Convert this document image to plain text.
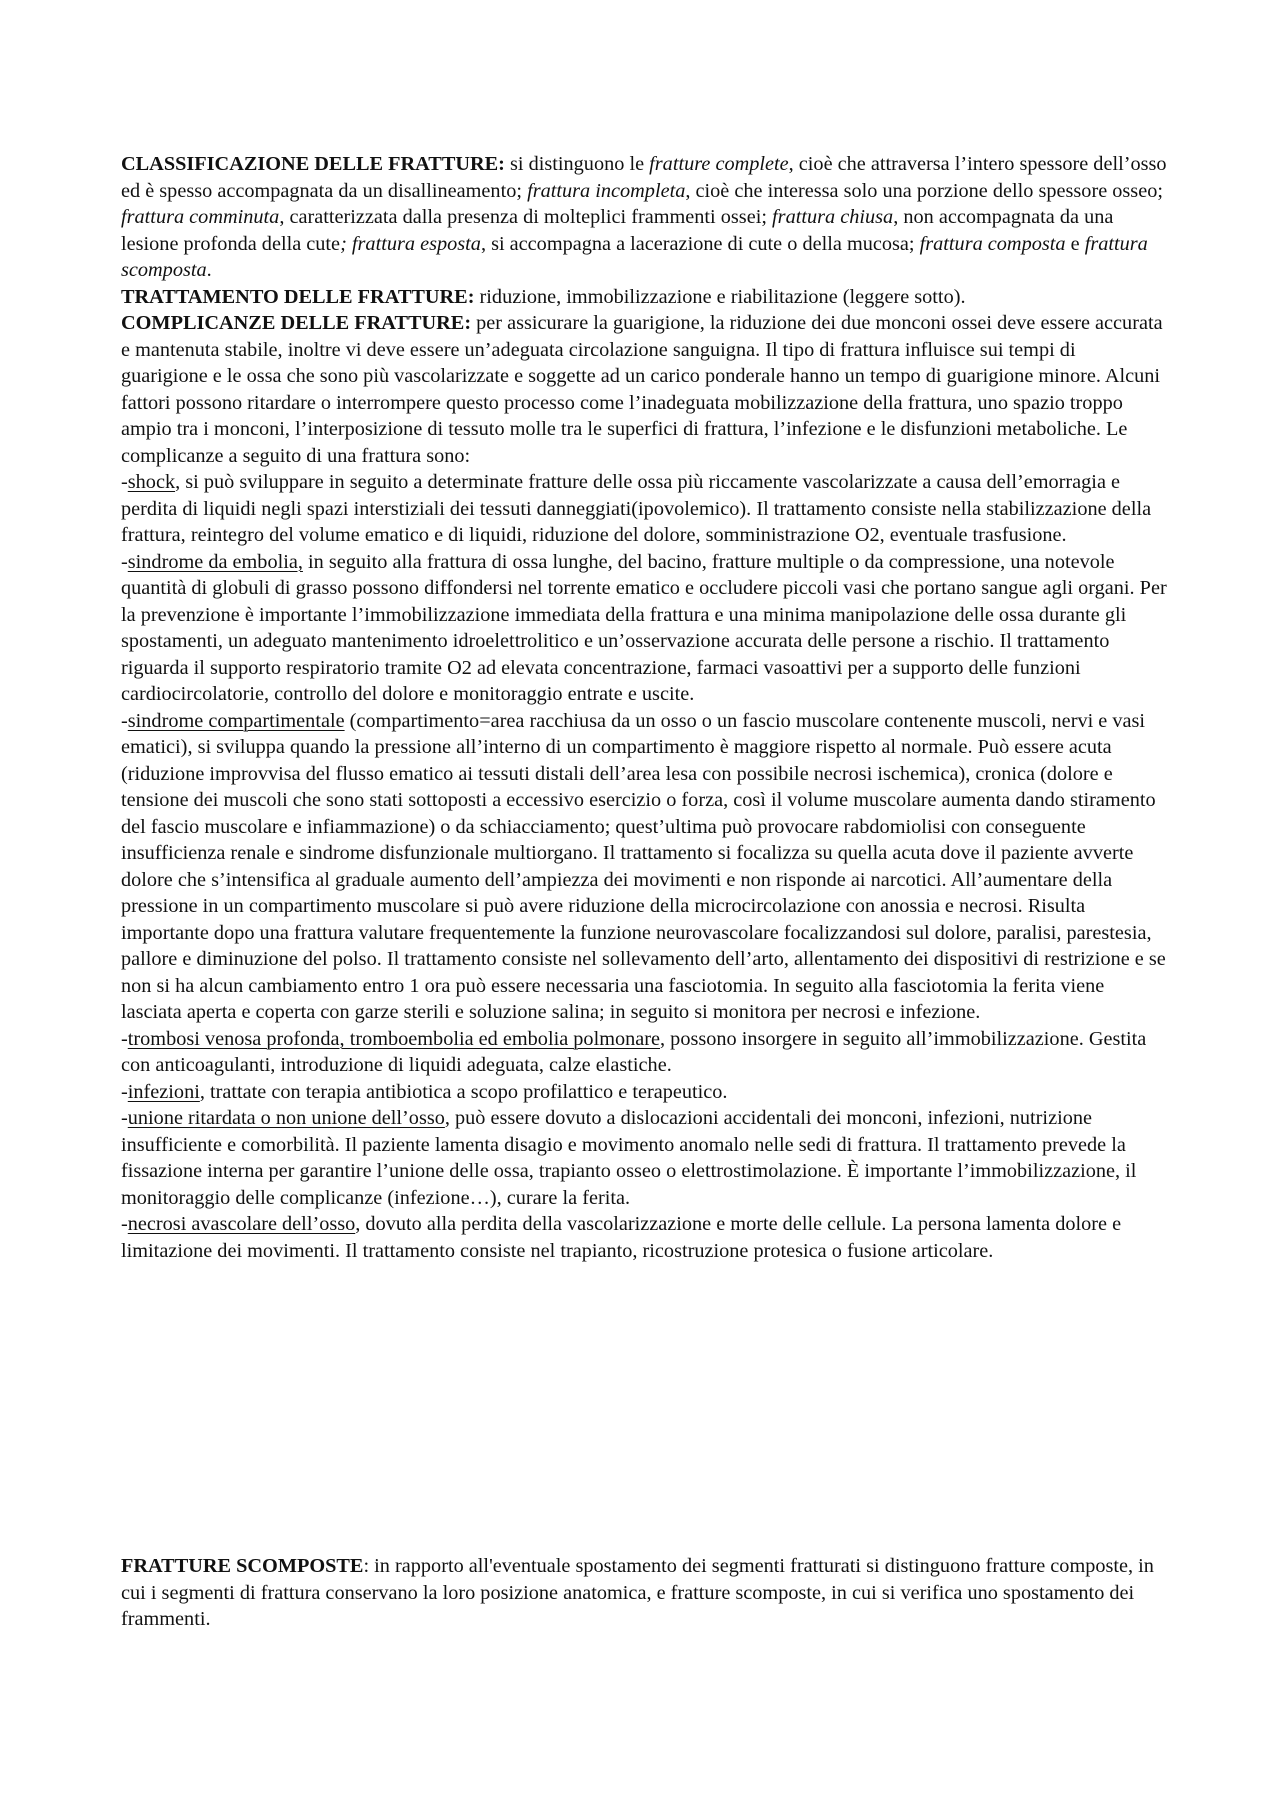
CLASSIFICAZIONE DELLE FRATTURE: si distinguono le fratture complete, cioè che attraversa l’intero spessore dell’osso ed è spesso accompagnata da un disallineamento; frattura incompleta, cioè che interessa solo una porzione dello spessore osseo; frattura comminuta, caratterizzata dalla presenza di molteplici frammenti ossei; frattura chiusa, non accompagnata da una lesione profonda della cute; frattura esposta, si accompagna a lacerazione di cute o della mucosa; frattura composta e frattura scomposta.

TRATTAMENTO DELLE FRATTURE: riduzione, immobilizzazione e riabilitazione (leggere sotto).

COMPLICANZE DELLE FRATTURE: per assicurare la guarigione, la riduzione dei due monconi ossei deve essere accurata e mantenuta stabile, inoltre vi deve essere un’adeguata circolazione sanguigna. Il tipo di frattura influisce sui tempi di guarigione e le ossa che sono più vascolarizzate e soggette ad un carico ponderale hanno un tempo di guarigione minore. Alcuni fattori possono ritardare o interrompere questo processo come l’inadeguata mobilizzazione della frattura, uno spazio troppo ampio tra i monconi, l’interposizione di tessuto molle tra le superfici di frattura, l’infezione e le disfunzioni metaboliche. Le complicanze a seguito di una frattura sono:

-shock, si può sviluppare in seguito a determinate fratture delle ossa più riccamente vascolarizzate a causa dell’emorragia e perdita di liquidi negli spazi interstiziali dei tessuti danneggiati(ipovolemico). Il trattamento consiste nella stabilizzazione della frattura, reintegro del volume ematico e di liquidi, riduzione del dolore, somministrazione O2, eventuale trasfusione.

-sindrome da embolia, in seguito alla frattura di ossa lunghe, del bacino, fratture multiple o da compressione, una notevole quantità di globuli di grasso possono diffondersi nel torrente ematico e occludere piccoli vasi che portano sangue agli organi. Per la prevenzione è importante l’immobilizzazione immediata della frattura e una minima manipolazione delle ossa durante gli spostamenti, un adeguato mantenimento idroelettrolitico e un’osservazione accurata delle persone a rischio. Il trattamento riguarda il supporto respiratorio tramite O2 ad elevata concentrazione, farmaci vasoattivi per a supporto delle funzioni cardiocircolatorie, controllo del dolore e monitoraggio entrate e uscite.

-sindrome compartimentale (compartimento=area racchiusa da un osso o un fascio muscolare contenente muscoli, nervi e vasi ematici), si sviluppa quando la pressione all’interno di un compartimento è maggiore rispetto al normale. Può essere acuta (riduzione improvvisa del flusso ematico ai tessuti distali dell’area lesa con possibile necrosi ischemica), cronica (dolore e tensione dei muscoli che sono stati sottoposti a eccessivo esercizio o forza, così il volume muscolare aumenta dando stiramento del fascio muscolare e infiammazione) o da schiacciamento; quest’ultima può provocare rabdomiolisi con conseguente insufficienza renale e sindrome disfunzionale multiorgano. Il trattamento si focalizza su quella acuta dove il paziente avverte dolore che s’intensifica al graduale aumento dell’ampiezza dei movimenti e non risponde ai narcotici. All’aumentare della pressione in un compartimento muscolare si può avere riduzione della microcircolazione con anossia e necrosi. Risulta importante dopo una frattura valutare frequentemente la funzione neurovascolare focalizzandosi sul dolore, paralisi, parestesia, pallore e diminuzione del polso. Il trattamento consiste nel sollevamento dell’arto, allentamento dei dispositivi di restrizione e se non si ha alcun cambiamento entro 1 ora può essere necessaria una fasciotomia. In seguito alla fasciotomia la ferita viene lasciata aperta e coperta con garze sterili e soluzione salina; in seguito si monitora per necrosi e infezione.

-trombosi venosa profonda, tromboembolia ed embolia polmonare, possono insorgere in seguito all’immobilizzazione. Gestita con anticoagulanti, introduzione di liquidi adeguata, calze elastiche.

-infezioni, trattate con terapia antibiotica a scopo profilattico e terapeutico.

-unione ritardata o non unione dell’osso, può essere dovuto a dislocazioni accidentali dei monconi, infezioni, nutrizione insufficiente e comorbilità. Il paziente lamenta disagio e movimento anomalo nelle sedi di frattura. Il trattamento prevede la fissazione interna per garantire l’unione delle ossa, trapianto osseo o elettrostimolazione. È importante l’immobilizzazione, il monitoraggio delle complicanze (infezione…), curare la ferita.

-necrosi avascolare dell’osso, dovuto alla perdita della vascolarizzazione e morte delle cellule. La persona lamenta dolore e limitazione dei movimenti. Il trattamento consiste nel trapianto, ricostruzione protesica o fusione articolare.

FRATTURE SCOMPOSTE: in rapporto all'eventuale spostamento dei segmenti fratturati si distinguono fratture composte, in cui i segmenti di frattura conservano la loro posizione anatomica, e fratture scomposte, in cui si verifica uno spostamento dei frammenti.
